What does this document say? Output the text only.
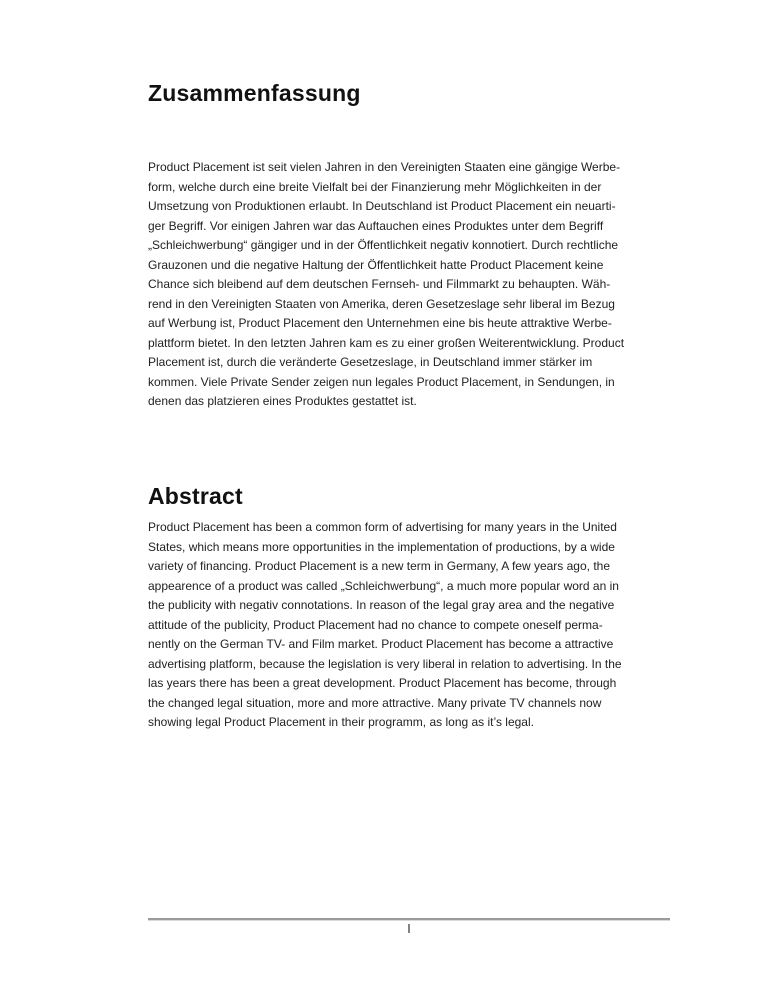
Zusammenfassung

Product Placement ist seit vielen Jahren in den Vereinigten Staaten eine gängige Werbe-
form, welche durch eine breite Vielfalt bei der Finanzierung mehr Möglichkeiten in der
Umsetzung von Produktionen erlaubt. In Deutschland ist Product Placement ein neuarti-
ger Begriff. Vor einigen Jahren war das Auftauchen eines Produktes unter dem Begriff
„Schleichwerbung“ gängiger und in der Öffentlichkeit negativ konnotiert. Durch rechtliche
Grauzonen und die negative Haltung der Öffentlichkeit hatte Product Placement keine
Chance sich bleibend auf dem deutschen Fernseh- und Filmmarkt zu behaupten. Wäh-
rend in den Vereinigten Staaten von Amerika, deren Gesetzeslage sehr liberal im Bezug
auf Werbung ist, Product Placement den Unternehmen eine bis heute attraktive Werbe-
plattform bietet. In den letzten Jahren kam es zu einer großen Weiterentwicklung. Product
Placement ist, durch die veränderte Gesetzeslage, in Deutschland immer stärker im
kommen. Viele Private Sender zeigen nun legales Product Placement, in Sendungen, in
denen das platzieren eines Produktes gestattet ist.

Abstract

Product Placement has been a common form of advertising for many years in the United
States, which means more opportunities in the implementation of productions, by a wide
variety of financing. Product Placement is a new term in Germany, A few years ago, the
appearence of a product was called „Schleichwerbung“, a much more popular word an in
the publicity with negativ connotations. In reason of the legal gray area and the negative
attitude of the publicity, Product Placement had no chance to compete oneself perma-
nently on the German TV- and Film market. Product Placement has become a attractive
advertising platform, because the legislation is very liberal in relation to advertising. In the
las years there has been a great development. Product Placement has become, through
the changed legal situation, more and more attractive. Many private TV channels now
showing legal Product Placement in their programm, as long as it’s legal.

I
